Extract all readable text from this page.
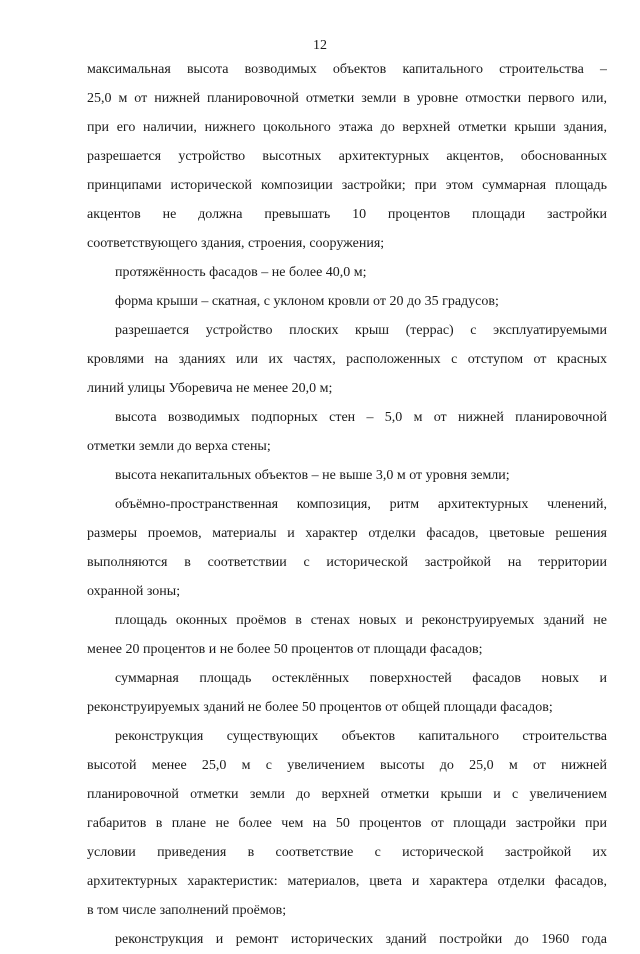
12
максимальная высота возводимых объектов капитального строительства –
25,0 м от нижней планировочной отметки земли в уровне отмостки первого или,
при его наличии, нижнего цокольного этажа до верхней отметки крыши здания,
разрешается устройство высотных архитектурных акцентов, обоснованных
принципами исторической композиции застройки; при этом суммарная площадь
акцентов не должна превышать 10 процентов площади застройки
соответствующего здания, строения, сооружения;
протяжённость фасадов – не более 40,0 м;
форма крыши – скатная, с уклоном кровли от 20 до 35 градусов;
разрешается устройство плоских крыш (террас) с эксплуатируемыми
кровлями на зданиях или их частях, расположенных с отступом от красных
линий улицы Уборевича не менее 20,0 м;
высота возводимых подпорных стен – 5,0 м от нижней планировочной
отметки земли до верха стены;
высота некапитальных объектов – не выше 3,0 м от уровня земли;
объёмно-пространственная композиция, ритм архитектурных членений,
размеры проемов, материалы и характер отделки фасадов, цветовые решения
выполняются в соответствии с исторической застройкой на территории
охранной зоны;
площадь оконных проёмов в стенах новых и реконструируемых зданий не
менее 20 процентов и не более 50 процентов от площади фасадов;
суммарная площадь остеклённых поверхностей фасадов новых и
реконструируемых зданий не более 50 процентов от общей площади фасадов;
реконструкция существующих объектов капитального строительства
высотой менее 25,0 м с увеличением высоты до 25,0 м от нижней
планировочной отметки земли до верхней отметки крыши и с увеличением
габаритов в плане не более чем на 50 процентов от площади застройки при
условии приведения в соответствие с исторической застройкой их
архитектурных характеристик: материалов, цвета и характера отделки фасадов,
в том числе заполнений проёмов;
реконструкция и ремонт исторических зданий постройки до 1960 года
